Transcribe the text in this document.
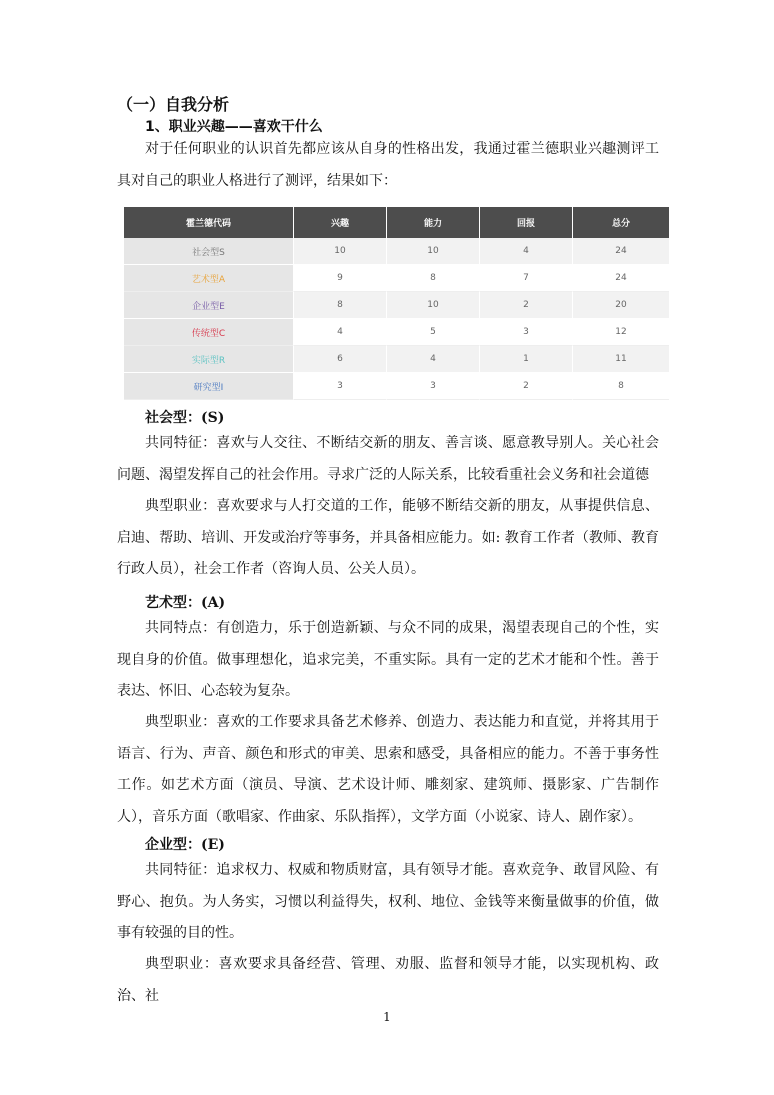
（一）自我分析
1、职业兴趣——喜欢干什么

对于任何职业的认识首先都应该从自身的性格出发，我通过霍兰德职业兴趣测评工具对自己的职业人格进行了测评，结果如下：

霍兰德代码	兴趣	能力	回报	总分
社会型S	10	10	4	24
艺术型A	9	8	7	24
企业型E	8	10	2	20
传统型C	4	5	3	12
实际型R	6	4	1	11
研究型I	3	3	2	8
社会型：(S)

共同特征：喜欢与人交往、不断结交新的朋友、善言谈、愿意教导别人。关心社会问题、渴望发挥自己的社会作用。寻求广泛的人际关系，比较看重社会义务和社会道德

典型职业：喜欢要求与人打交道的工作，能够不断结交新的朋友，从事提供信息、启迪、帮助、培训、开发或治疗等事务，并具备相应能力。如: 教育工作者（教师、教育行政人员），社会工作者（咨询人员、公关人员）。

艺术型：(A)

共同特点：有创造力，乐于创造新颖、与众不同的成果，渴望表现自己的个性，实现自身的价值。做事理想化，追求完美，不重实际。具有一定的艺术才能和个性。善于表达、怀旧、心态较为复杂。

典型职业：喜欢的工作要求具备艺术修养、创造力、表达能力和直觉，并将其用于语言、行为、声音、颜色和形式的审美、思索和感受，具备相应的能力。不善于事务性工作。如艺术方面（演员、导演、艺术设计师、雕刻家、建筑师、摄影家、广告制作人），音乐方面（歌唱家、作曲家、乐队指挥），文学方面（小说家、诗人、剧作家）。

企业型：(E)

共同特征：追求权力、权威和物质财富，具有领导才能。喜欢竞争、敢冒风险、有野心、抱负。为人务实，习惯以利益得失，权利、地位、金钱等来衡量做事的价值，做事有较强的目的性。

典型职业：喜欢要求具备经营、管理、劝服、监督和领导才能，以实现机构、政治、社

1
